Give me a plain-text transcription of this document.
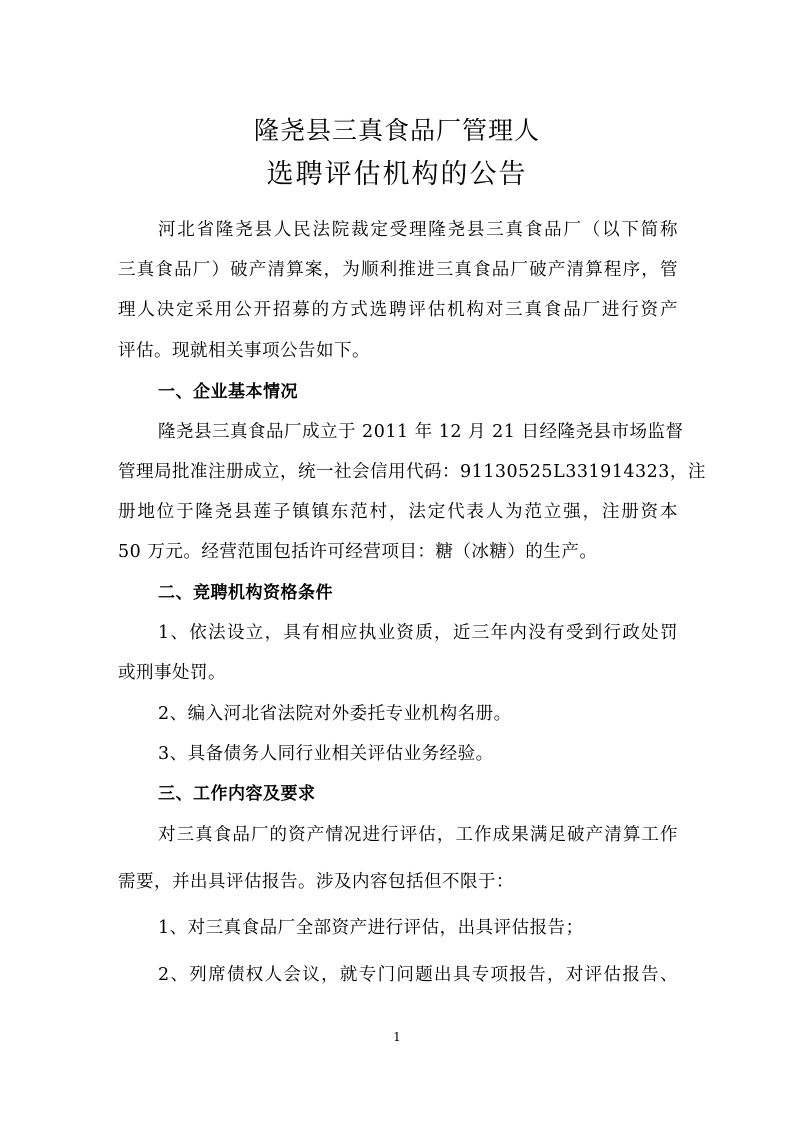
隆尧县三真食品厂管理人
选聘评估机构的公告
河北省隆尧县人民法院裁定受理隆尧县三真食品厂（以下简称
三真食品厂）破产清算案，为顺利推进三真食品厂破产清算程序，管
理人决定采用公开招募的方式选聘评估机构对三真食品厂进行资产
评估。现就相关事项公告如下。
一、企业基本情况
隆尧县三真食品厂成立于 2011 年 12 月 21 日经隆尧县市场监督
管理局批准注册成立，统一社会信用代码：91130525L331914323，注
册地位于隆尧县莲子镇镇东范村，法定代表人为范立强，注册资本
50 万元。经营范围包括许可经营项目：糖（冰糖）的生产。
二、竞聘机构资格条件
1、依法设立，具有相应执业资质，近三年内没有受到行政处罚
或刑事处罚。
2、编入河北省法院对外委托专业机构名册。
3、具备债务人同行业相关评估业务经验。
三、工作内容及要求
对三真食品厂的资产情况进行评估，工作成果满足破产清算工作
需要，并出具评估报告。涉及内容包括但不限于：
1、对三真食品厂全部资产进行评估，出具评估报告；
2、列席债权人会议，就专门问题出具专项报告，对评估报告、
1
